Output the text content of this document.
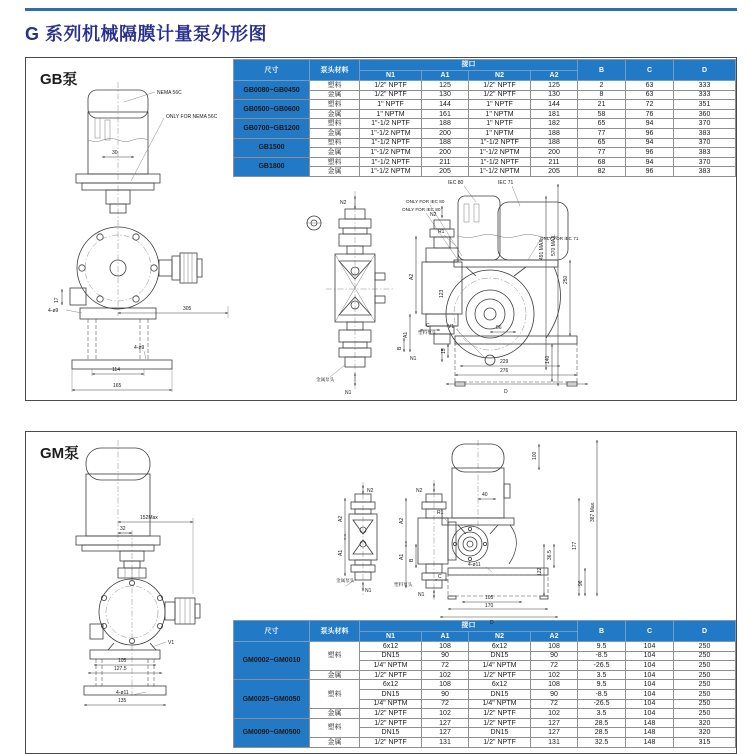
G 系列机械隔膜计量泵外形图
GB泵
GM泵
尺寸	泵头材料	接口				B	C	D
		N1	A1	N2	A2			
GB0080~GB0450	塑料	1/2" NPTF	125	1/2" NPTF	125	2	63	333
	金属	1/2" NPTF	130	1/2" NPTF	130	8	63	333
GB0500~GB0600	塑料	1" NPTF	144	1" NPTF	144	21	72	351
	金属	1" NPTM	161	1" NPTM	181	58	76	360
GB0700~GB1200	塑料	1"-1/2 NPTF	188	1" NPTF	182	65	94	370
	金属	1"-1/2 NPTM	200	1" NPTM	188	77	96	383
GB1500	塑料	1"-1/2 NPTF	188	1"-1/2 NPTF	188	65	94	370
	金属	1"-1/2 NPTM	200	1"-1/2 NPTM	200	77	96	383
GB1800	塑料	1"-1/2 NPTF	211	1"-1/2 NPTF	211	68	94	370
	金属	1"-1/2 NPTM	205	1"-1/2 NPTM	205	82	96	383
尺寸	泵头材料	接口				B	C	D
		N1	A1	N2	A2			
GM0002~GM0010	塑料	6x12	108	6x12	108	9.5	104	250
		DN15	90	DN15	90	-8.5	104	250
		1/4" NPTM	72	1/4" NPTM	72	-26.5	104	250
	金属	1/2" NPTF	102	1/2" NPTF	102	3.5	104	250
GM0025~GM0050	塑料	6x12	108	6x12	108	9.5	104	250
		DN15	90	DN15	90	-8.5	104	250
		1/4" NPTM	72	1/4" NPTM	72	-26.5	104	250
	金属	1/2" NPTF	102	1/2" NPTF	102	3.5	104	250
GM0090~GM0500	塑料	1/2" NPTF	127	1/2" NPTF	127	28.5	148	320
		DN15	127	DN15	127	28.5	148	320
	金属	1/2" NPTF	131	1/2" NPTF	131	32.5	148	315
NEMA 56C
ONLY FOR NEMA 56C
30
17
4-ø9	305
4-ø9
114
165
N2
金属泵头
N1
IEC 80	IEC 71
ONLY FOR IEC 80
ONLY FOR IEC 80
ONLY FOR IEC 71
N2
R1
A2
A1
B
塑料泵头
C	V1	56
123
250
491 MAX. 570 MAX.
140
15
N1	229
276
D
152Max
32
V1
105
127.5
4-ø11
135
N2
A2
A1
金属泵头
N1
40
N2
R1
A2
A1
B
塑料泵头
N1
C
4-ø11
105
170
D
100
387 Max.
177
36.5
122
96
